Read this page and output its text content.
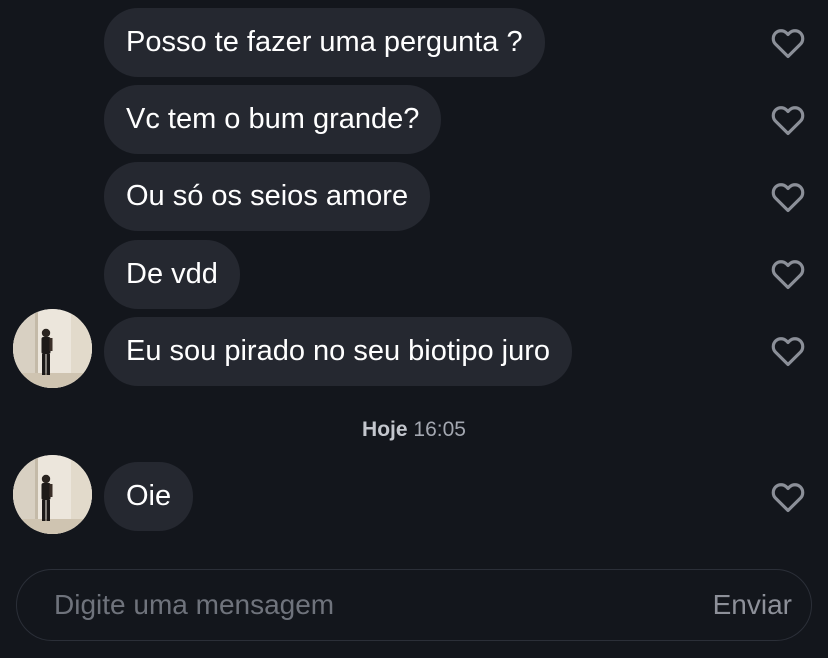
Posso te fazer uma pergunta ?
Vc tem o bum grande?
Ou só os seios amore
De vdd
Eu sou pirado no seu biotipo juro
Hoje 16:05
Oie
Digite uma mensagem
Enviar
